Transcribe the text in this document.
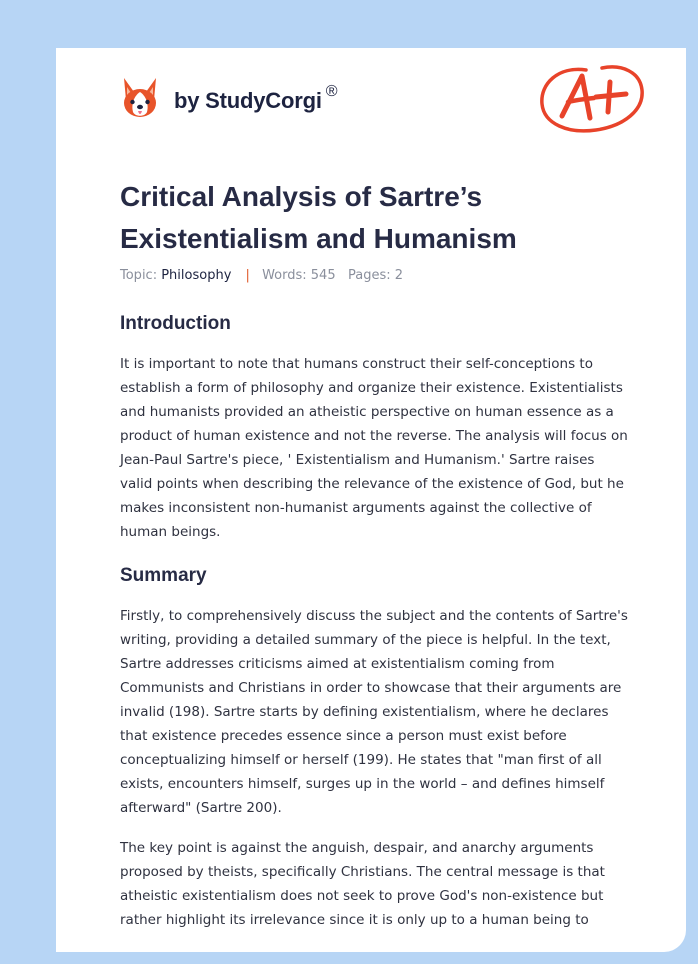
by StudyCorgi ®
Critical Analysis of Sartre’s Existentialism and Humanism
Topic: Philosophy | Words: 545 Pages: 2
Introduction

It is important to note that humans construct their self-conceptions to establish a form of philosophy and organize their existence. Existentialists and humanists provided an atheistic perspective on human essence as a product of human existence and not the reverse. The analysis will focus on Jean-Paul Sartre's piece, ' Existentialism and Humanism.' Sartre raises valid points when describing the relevance of the existence of God, but he makes inconsistent non-humanist arguments against the collective of human beings.

Summary

Firstly, to comprehensively discuss the subject and the contents of Sartre's writing, providing a detailed summary of the piece is helpful. In the text, Sartre addresses criticisms aimed at existentialism coming from Communists and Christians in order to showcase that their arguments are invalid (198). Sartre starts by defining existentialism, where he declares that existence precedes essence since a person must exist before conceptualizing himself or herself (199). He states that "man first of all exists, encounters himself, surges up in the world – and defines himself afterward" (Sartre 200).

The key point is against the anguish, despair, and anarchy arguments proposed by theists, specifically Christians. The central message is that atheistic existentialism does not seek to prove God's non-existence but rather highlight its irrelevance since it is only up to a human being to
